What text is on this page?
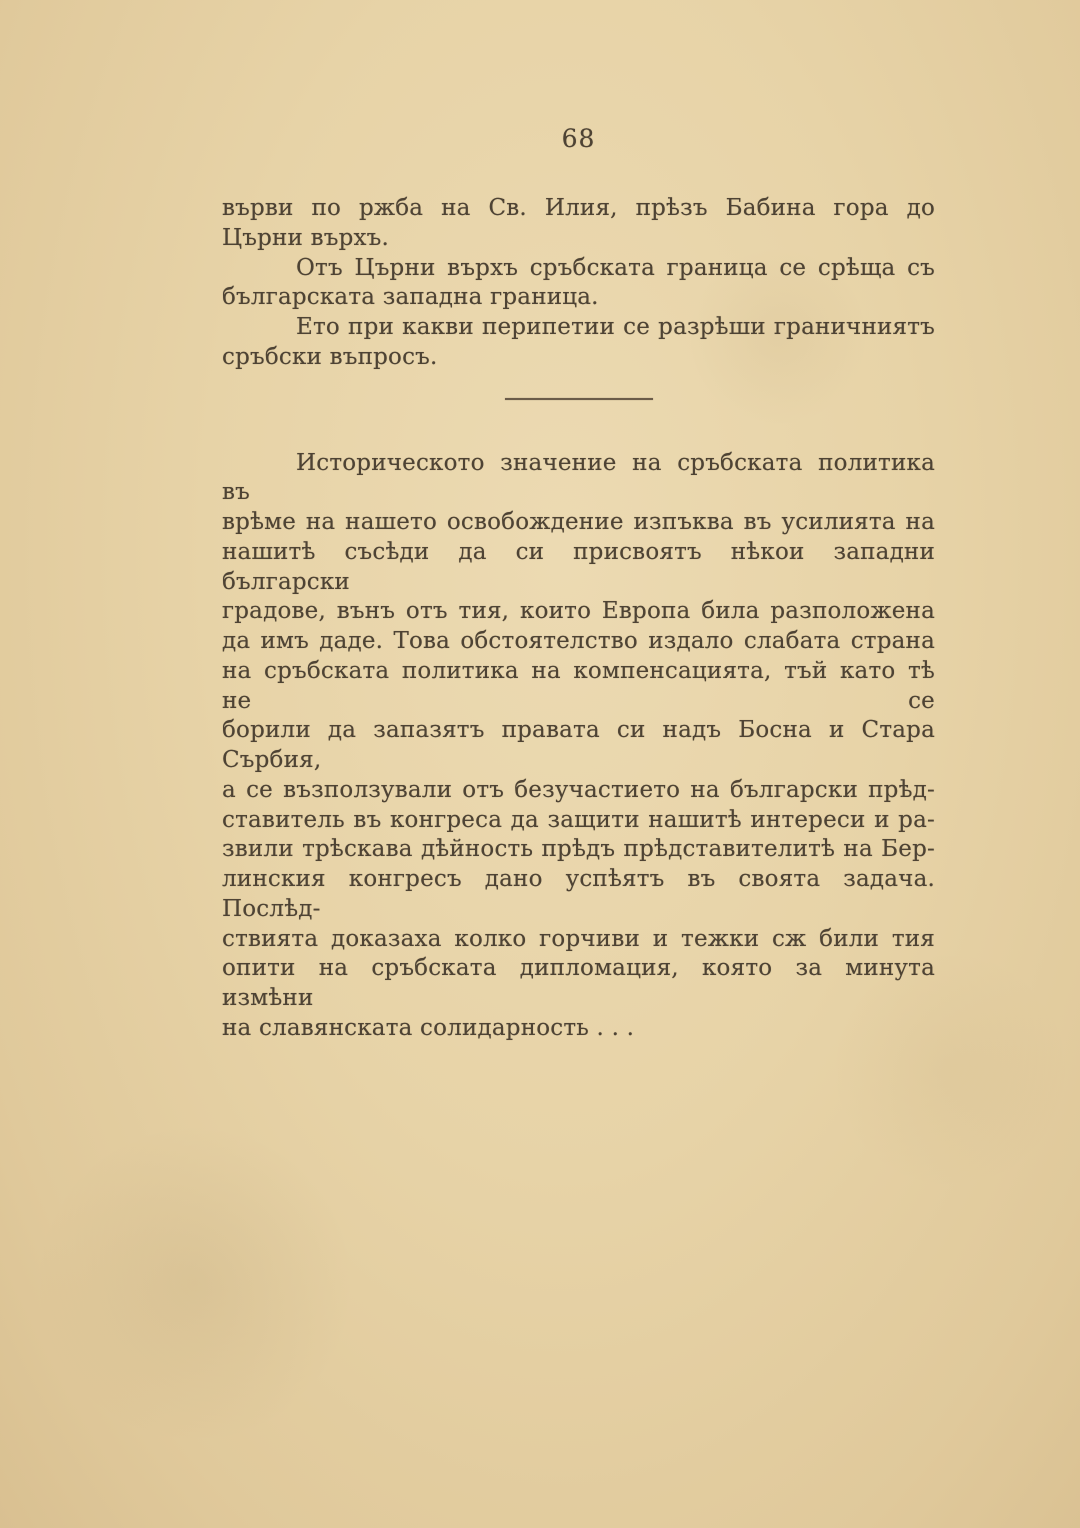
68
върви по ржба на Св. Илия, прѣзъ Бабина гора до
Църни върхъ.
Отъ Църни върхъ сръбската граница се срѣща съ
българската западна граница.
Ето при какви перипетии се разрѣши граничниятъ
сръбски въпросъ.
Историческото значение на сръбската политика въ
врѣме на нашето освобождение изпъква въ усилията на
нашитѣ съсѣди да си присвоятъ нѣкои западни български
градове, вънъ отъ тия, които Европа била разположена
да имъ даде. Това обстоятелство издало слабата страна
на сръбската политика на компенсацията, тъй като тѣ не се
борили да запазятъ правата си надъ Босна и Стара Сърбия,
а се възползували отъ безучастието на български прѣд-
ставитель въ конгреса да защити нашитѣ интереси и ра-
звили трѣскава дѣйность прѣдъ прѣдставителитѣ на Бер-
линския конгресъ дано успѣятъ въ своята задача. Послѣд-
ствията доказаха колко горчиви и тежки сж били тия
опити на сръбската дипломация, която за минута измѣни
на славянската солидарность . . .
